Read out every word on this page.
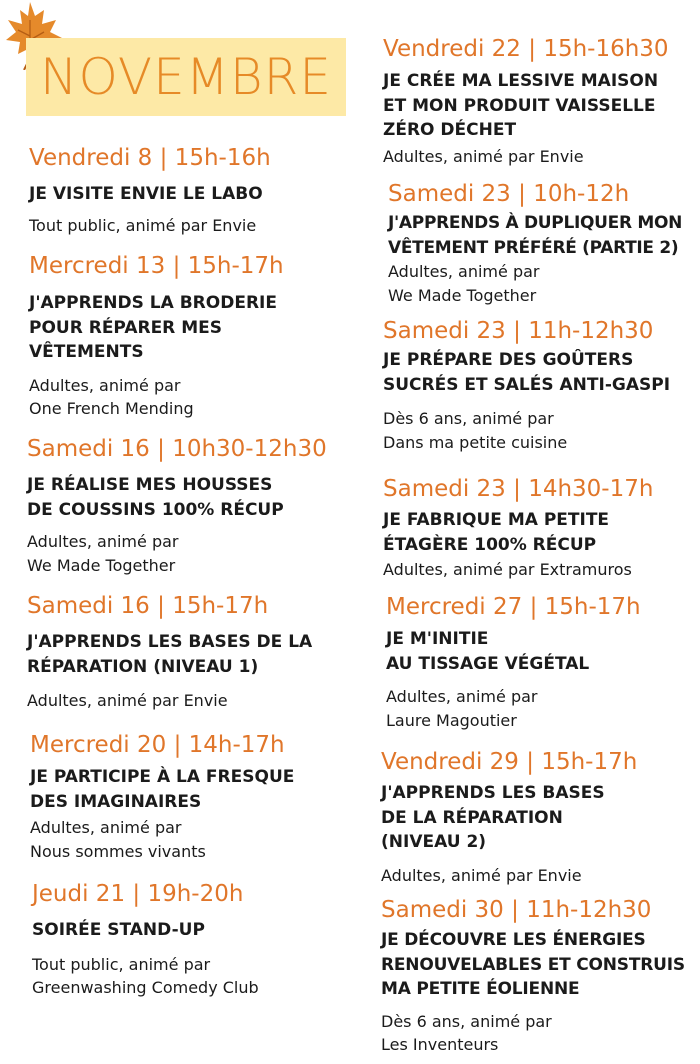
NOVEMBRE
Vendredi 8 | 15h-16h
JE VISITE ENVIE LE LABO
Tout public, animé par Envie
Mercredi 13 | 15h-17h
J'APPRENDS LA BRODERIE
POUR RÉPARER MES
VÊTEMENTS
Adultes, animé par
One French Mending
Samedi 16 | 10h30-12h30
JE RÉALISE MES HOUSSES
DE COUSSINS 100% RÉCUP
Adultes, animé par
We Made Together
Samedi 16 | 15h-17h
J'APPRENDS LES BASES DE LA
RÉPARATION (NIVEAU 1)
Adultes, animé par Envie
Mercredi 20 | 14h-17h
JE PARTICIPE À LA FRESQUE
DES IMAGINAIRES
Adultes, animé par
Nous sommes vivants
Jeudi 21 | 19h-20h
SOIRÉE STAND-UP
Tout public, animé par
Greenwashing Comedy Club
Vendredi 22 | 15h-16h30
JE CRÉE MA LESSIVE MAISON
ET MON PRODUIT VAISSELLE
ZÉRO DÉCHET
Adultes, animé par Envie
Samedi 23 | 10h-12h
J'APPRENDS À DUPLIQUER MON
VÊTEMENT PRÉFÉRÉ (PARTIE 2)
Adultes, animé par
We Made Together
Samedi 23 | 11h-12h30
JE PRÉPARE DES GOÛTERS
SUCRÉS ET SALÉS ANTI-GASPI
Dès 6 ans, animé par
Dans ma petite cuisine
Samedi 23 | 14h30-17h
JE FABRIQUE MA PETITE
ÉTAGÈRE 100% RÉCUP
Adultes, animé par Extramuros
Mercredi 27 | 15h-17h
JE M'INITIE
AU TISSAGE VÉGÉTAL
Adultes, animé par
Laure Magoutier
Vendredi 29 | 15h-17h
J'APPRENDS LES BASES
DE LA RÉPARATION
(NIVEAU 2)
Adultes, animé par Envie
Samedi 30 | 11h-12h30
JE DÉCOUVRE LES ÉNERGIES
RENOUVELABLES ET CONSTRUIS
MA PETITE ÉOLIENNE
Dès 6 ans, animé par
Les Inventeurs
